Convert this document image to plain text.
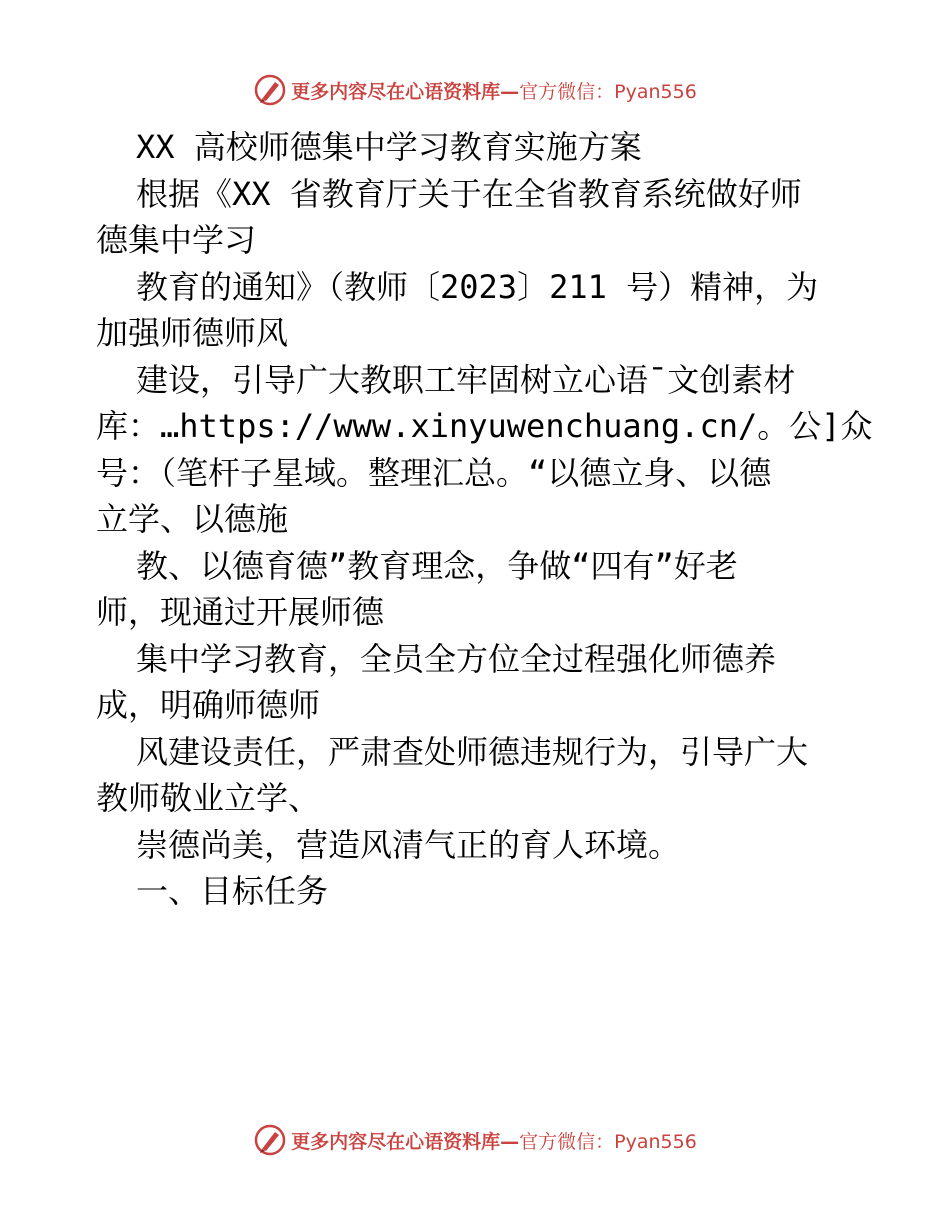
更多内容尽在心语资料库—官方微信：Pyan556
XX 高校师德集中学习教育实施方案
根据《XX 省教育厅关于在全省教育系统做好师
德集中学习
教育的通知》（教师〔2023〕211 号）精神，为
加强师德师风
建设，引导广大教职工牢固树立心语¯文创素材
库：…https://www.xinyuwenchuang.cn/。公]众
号：（笔杆子星域。整理汇总。“以德立身、以德
立学、以德施
教、以德育德”教育理念，争做“四有”好老
师，现通过开展师德
集中学习教育，全员全方位全过程强化师德养
成，明确师德师
风建设责任，严肃查处师德违规行为，引导广大
教师敬业立学、
崇德尚美，营造风清气正的育人环境。
一、目标任务
更多内容尽在心语资料库—官方微信：Pyan556
